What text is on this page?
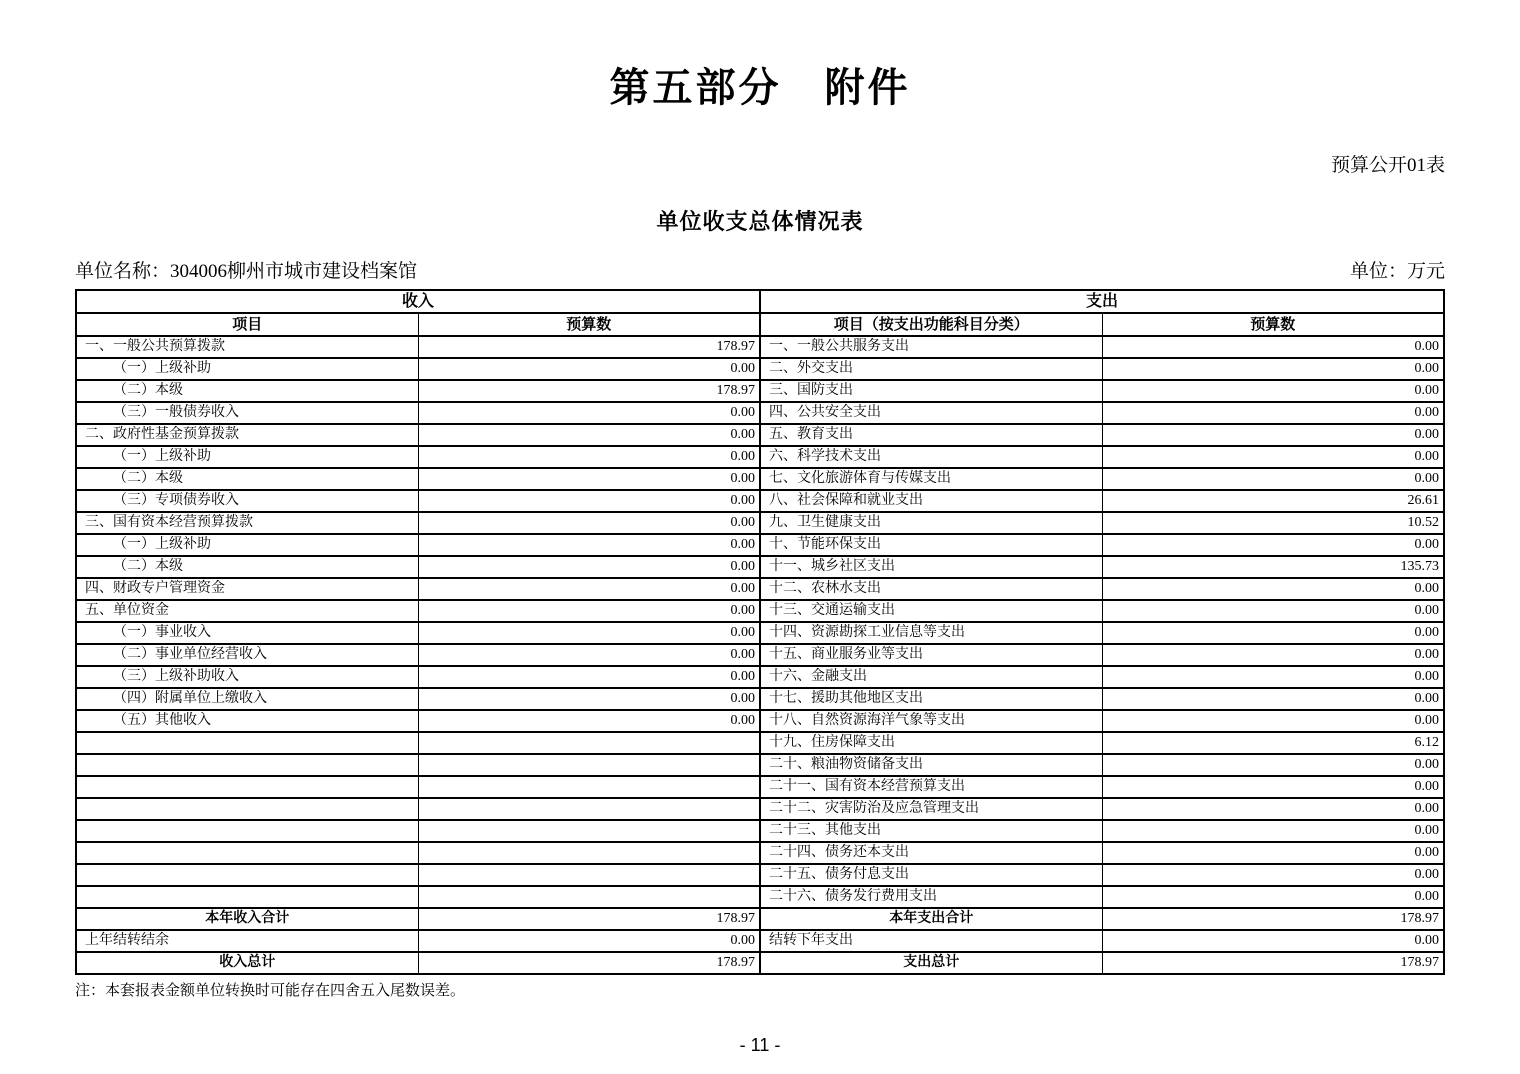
第五部分　附件
预算公开01表
单位收支总体情况表
单位名称：304006柳州市城市建设档案馆	单位：万元
收入		支出	
项目	预算数	项目（按支出功能科目分类）	预算数
一、一般公共预算拨款	178.97	一、一般公共服务支出	0.00
（一）上级补助	0.00	二、外交支出	0.00
（二）本级	178.97	三、国防支出	0.00
（三）一般债券收入	0.00	四、公共安全支出	0.00
二、政府性基金预算拨款	0.00	五、教育支出	0.00
（一）上级补助	0.00	六、科学技术支出	0.00
（二）本级	0.00	七、文化旅游体育与传媒支出	0.00
（三）专项债券收入	0.00	八、社会保障和就业支出	26.61
三、国有资本经营预算拨款	0.00	九、卫生健康支出	10.52
（一）上级补助	0.00	十、节能环保支出	0.00
（二）本级	0.00	十一、城乡社区支出	135.73
四、财政专户管理资金	0.00	十二、农林水支出	0.00
五、单位资金	0.00	十三、交通运输支出	0.00
（一）事业收入	0.00	十四、资源勘探工业信息等支出	0.00
（二）事业单位经营收入	0.00	十五、商业服务业等支出	0.00
（三）上级补助收入	0.00	十六、金融支出	0.00
（四）附属单位上缴收入	0.00	十七、援助其他地区支出	0.00
（五）其他收入	0.00	十八、自然资源海洋气象等支出	0.00
		十九、住房保障支出	6.12
		二十、粮油物资储备支出	0.00
		二十一、国有资本经营预算支出	0.00
		二十二、灾害防治及应急管理支出	0.00
		二十三、其他支出	0.00
		二十四、债务还本支出	0.00
		二十五、债务付息支出	0.00
		二十六、债务发行费用支出	0.00
本年收入合计	178.97	本年支出合计	178.97
上年结转结余	0.00	结转下年支出	0.00
收入总计	178.97	支出总计	178.97
注：本套报表金额单位转换时可能存在四舍五入尾数误差。
- 11 -
